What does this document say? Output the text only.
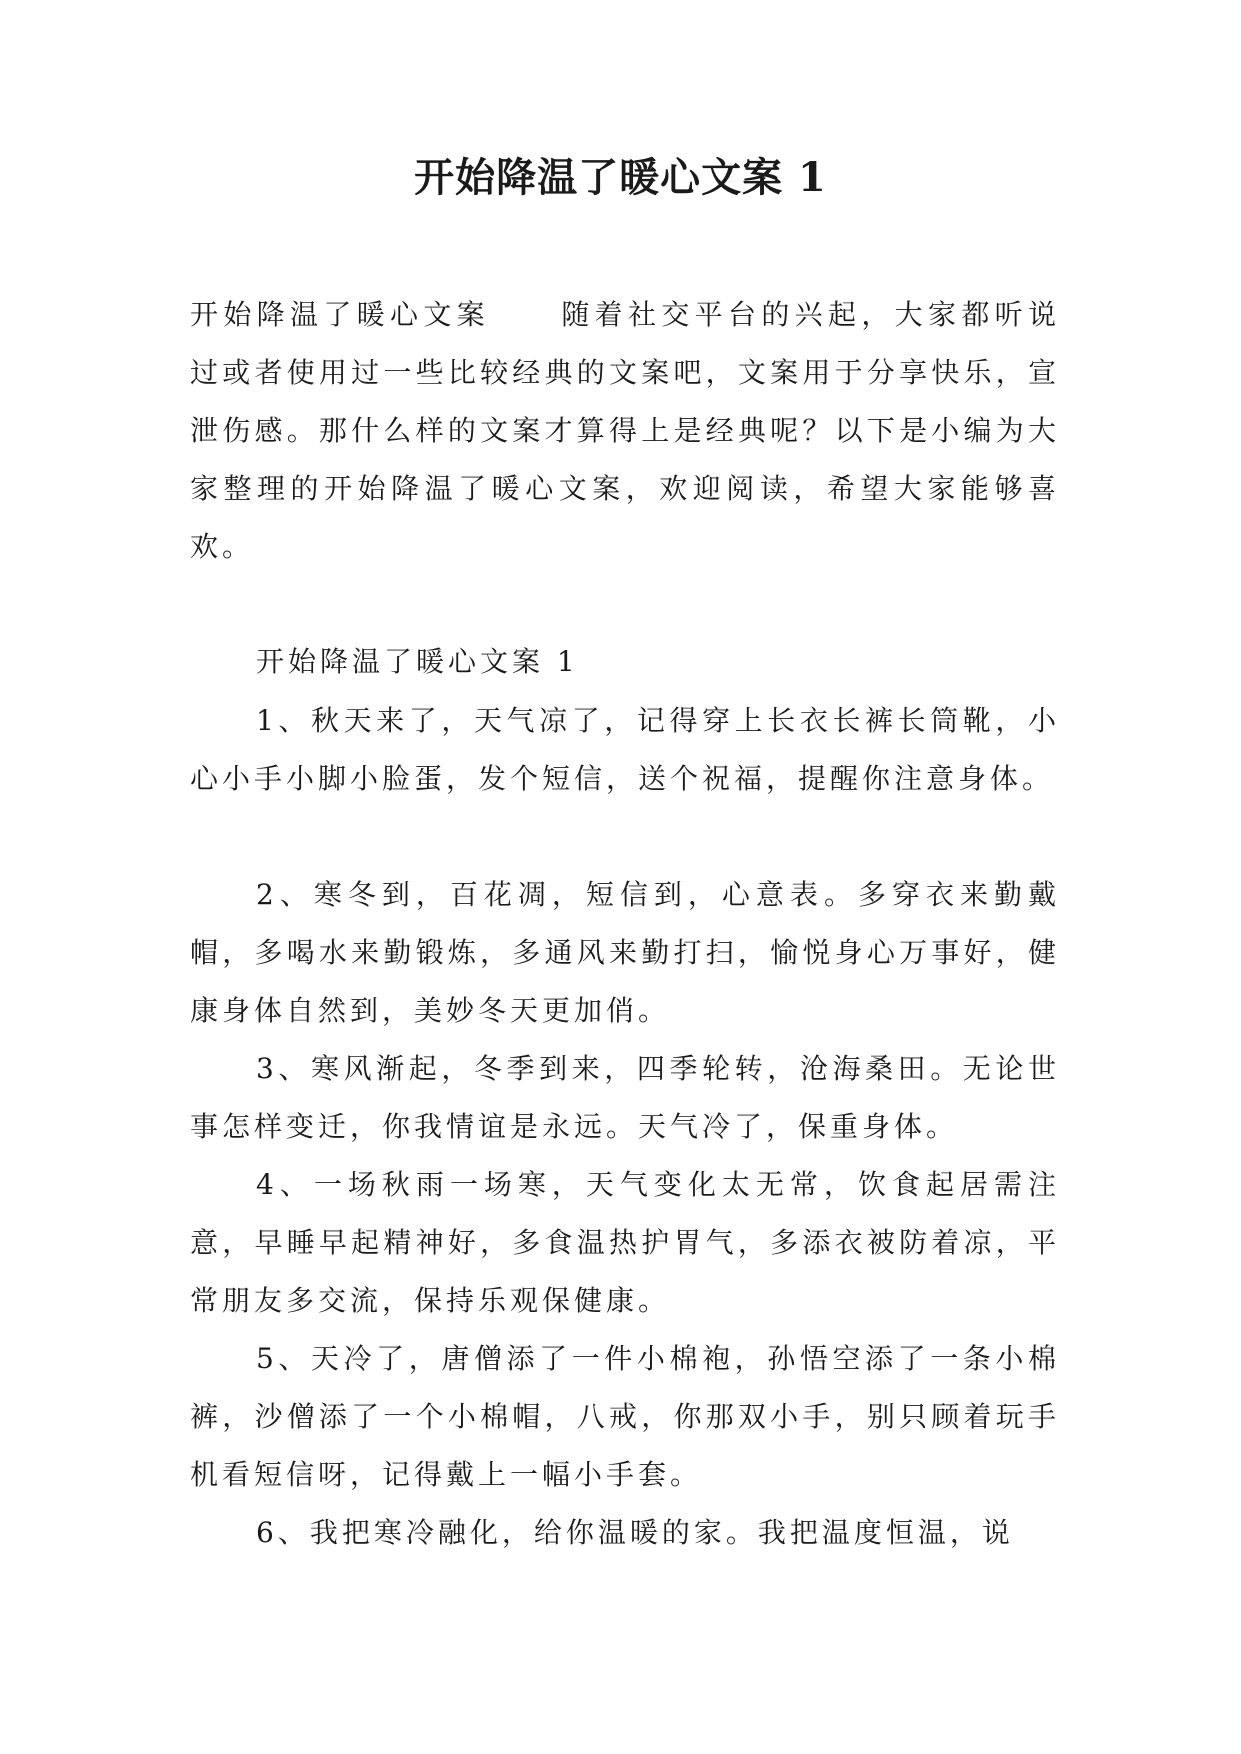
开始降温了暖心文案 1

开始降温了暖心文案	随着社交平台的兴起，大家都听说过或者使用过一些比较经典的文案吧，文案用于分享快乐，宣泄伤感。那什么样的文案才算得上是经典呢？以下是小编为大家整理的开始降温了暖心文案，欢迎阅读，希望大家能够喜欢。

开始降温了暖心文案 1

1、秋天来了，天气凉了，记得穿上长衣长裤长筒靴，小心小手小脚小脸蛋，发个短信，送个祝福，提醒你注意身体。

2、寒冬到，百花凋，短信到，心意表。多穿衣来勤戴帽，多喝水来勤锻炼，多通风来勤打扫，愉悦身心万事好，健康身体自然到，美妙冬天更加俏。

3、寒风渐起，冬季到来，四季轮转，沧海桑田。无论世事怎样变迁，你我情谊是永远。天气冷了，保重身体。

4、一场秋雨一场寒，天气变化太无常，饮食起居需注意，早睡早起精神好，多食温热护胃气，多添衣被防着凉，平常朋友多交流，保持乐观保健康。

5、天冷了，唐僧添了一件小棉袍，孙悟空添了一条小棉裤，沙僧添了一个小棉帽，八戒，你那双小手，别只顾着玩手机看短信呀，记得戴上一幅小手套。

6、我把寒冷融化，给你温暖的家。我把温度恒温，说
